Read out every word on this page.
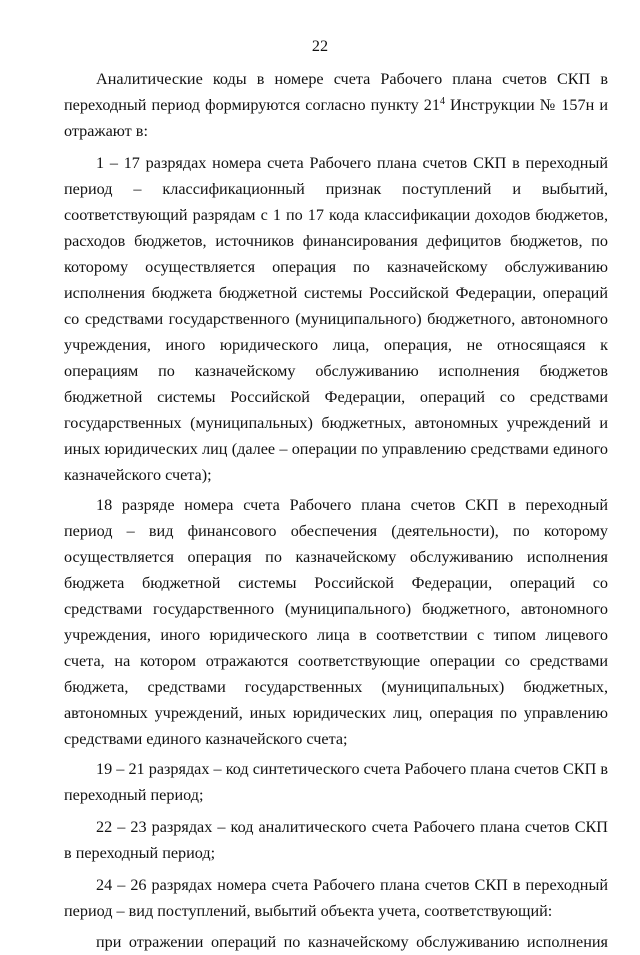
22

Аналитические коды в номере счета Рабочего плана счетов СКП в переходный период формируются согласно пункту $21^4$ Инструкции № 157н и отражают в:

1 – 17 разрядах номера счета Рабочего плана счетов СКП в переходный период – классификационный признак поступлений и выбытий, соответствующий разрядам с 1 по 17 кода классификации доходов бюджетов, расходов бюджетов, источников финансирования дефицитов бюджетов, по которому осуществляется операция по казначейскому обслуживанию исполнения бюджета бюджетной системы Российской Федерации, операций со средствами государственного (муниципального) бюджетного, автономного учреждения, иного юридического лица, операция, не относящаяся к операциям по казначейскому обслуживанию исполнения бюджетов бюджетной системы Российской Федерации, операций со средствами государственных (муниципальных) бюджетных, автономных учреждений и иных юридических лиц (далее – операции по управлению средствами единого казначейского счета);

18 разряде номера счета Рабочего плана счетов СКП в переходный период – вид финансового обеспечения (деятельности), по которому осуществляется операция по казначейскому обслуживанию исполнения бюджета бюджетной системы Российской Федерации, операций со средствами государственного (муниципального) бюджетного, автономного учреждения, иного юридического лица в соответствии с типом лицевого счета, на котором отражаются соответствующие операции со средствами бюджета, средствами государственных (муниципальных) бюджетных, автономных учреждений, иных юридических лиц, операция по управлению средствами единого казначейского счета;

19 – 21 разрядах – код синтетического счета Рабочего плана счетов СКП в переходный период;

22 – 23 разрядах – код аналитического счета Рабочего плана счетов СКП в переходный период;

24 – 26 разрядах номера счета Рабочего плана счетов СКП в переходный период – вид поступлений, выбытий объекта учета, соответствующий:

при отражении операций по казначейскому обслуживанию исполнения
